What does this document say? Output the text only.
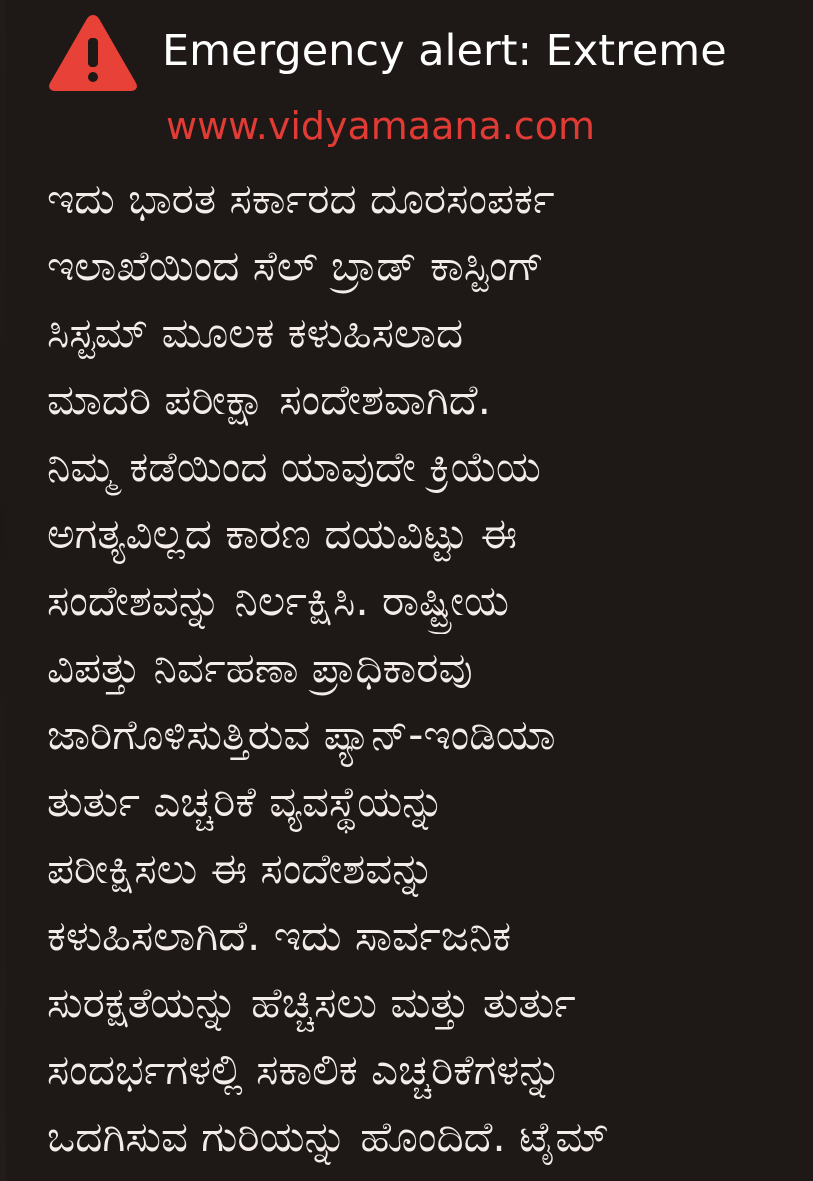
Emergency alert: Extreme
www.vidyamaana.com
ಇದು ಭಾರತ ಸರ್ಕಾರದ ದೂರಸಂಪರ್ಕ
ಇಲಾಖೆಯಿಂದ ಸೆಲ್ ಬ್ರಾಡ್ ಕಾಸ್ಟಿಂಗ್
ಸಿಸ್ಟಮ್ ಮೂಲಕ ಕಳುಹಿಸಲಾದ
ಮಾದರಿ ಪರೀಕ್ಷಾ ಸಂದೇಶವಾಗಿದೆ.
ನಿಮ್ಮ ಕಡೆಯಿಂದ ಯಾವುದೇ ಕ್ರಿಯೆಯ
ಅಗತ್ಯವಿಲ್ಲದ ಕಾರಣ ದಯವಿಟ್ಟು ಈ
ಸಂದೇಶವನ್ನು ನಿರ್ಲಕ್ಷಿಸಿ. ರಾಷ್ಟ್ರೀಯ
ವಿಪತ್ತು ನಿರ್ವಹಣಾ ಪ್ರಾಧಿಕಾರವು
ಜಾರಿಗೊಳಿಸುತ್ತಿರುವ ಪ್ಯಾನ್-ಇಂಡಿಯಾ
ತುರ್ತು ಎಚ್ಚರಿಕೆ ವ್ಯವಸ್ಥೆಯನ್ನು
ಪರೀಕ್ಷಿಸಲು ಈ ಸಂದೇಶವನ್ನು
ಕಳುಹಿಸಲಾಗಿದೆ. ಇದು ಸಾರ್ವಜನಿಕ
ಸುರಕ್ಷತೆಯನ್ನು ಹೆಚ್ಚಿಸಲು ಮತ್ತು ತುರ್ತು
ಸಂದರ್ಭಗಳಲ್ಲಿ ಸಕಾಲಿಕ ಎಚ್ಚರಿಕೆಗಳನ್ನು
ಒದಗಿಸುವ ಗುರಿಯನ್ನು ಹೊಂದಿದೆ. ಟೈಮ್
